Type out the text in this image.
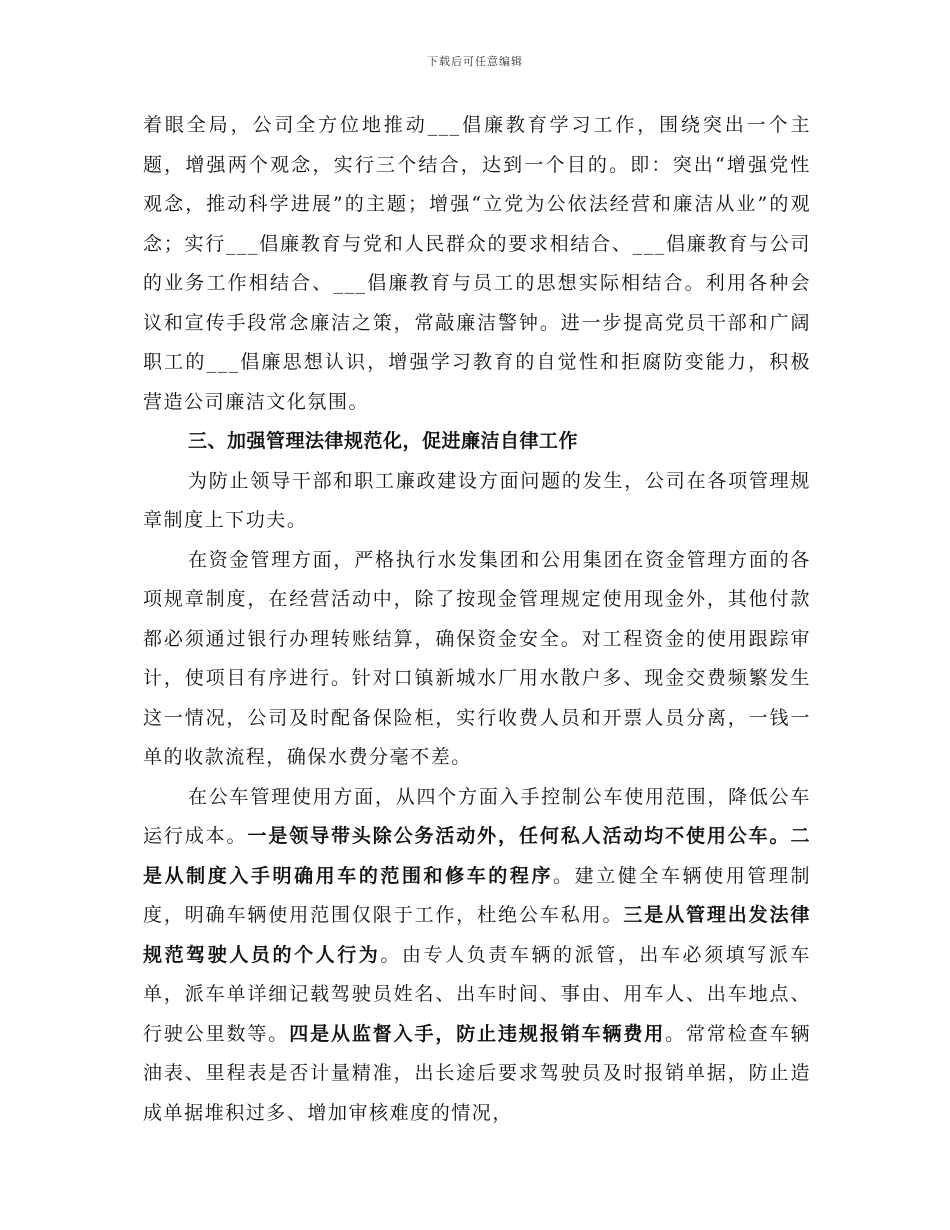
下载后可任意编辑

着眼全局，公司全方位地推动___倡廉教育学习工作，围绕突出一个主题，增强两个观念，实行三个结合，达到一个目的。即：突出“增强党性观念，推动科学进展”的主题；增强“立党为公依法经营和廉洁从业”的观念；实行___倡廉教育与党和人民群众的要求相结合、___倡廉教育与公司的业务工作相结合、___倡廉教育与员工的思想实际相结合。利用各种会议和宣传手段常念廉洁之策，常敲廉洁警钟。进一步提高党员干部和广阔职工的___倡廉思想认识，增强学习教育的自觉性和拒腐防变能力，积极营造公司廉洁文化氛围。

三、加强管理法律规范化，促进廉洁自律工作

为防止领导干部和职工廉政建设方面问题的发生，公司在各项管理规章制度上下功夫。

在资金管理方面，严格执行水发集团和公用集团在资金管理方面的各项规章制度，在经营活动中，除了按现金管理规定使用现金外，其他付款都必须通过银行办理转账结算，确保资金安全。对工程资金的使用跟踪审计，使项目有序进行。针对口镇新城水厂用水散户多、现金交费频繁发生这一情况，公司及时配备保险柜，实行收费人员和开票人员分离，一钱一单的收款流程，确保水费分毫不差。

在公车管理使用方面，从四个方面入手控制公车使用范围，降低公车运行成本。一是领导带头除公务活动外，任何私人活动均不使用公车。二是从制度入手明确用车的范围和修车的程序。建立健全车辆使用管理制度，明确车辆使用范围仅限于工作，杜绝公车私用。三是从管理出发法律规范驾驶人员的个人行为。由专人负责车辆的派管，出车必须填写派车单，派车单详细记载驾驶员姓名、出车时间、事由、用车人、出车地点、行驶公里数等。四是从监督入手，防止违规报销车辆费用。常常检查车辆油表、里程表是否计量精准，出长途后要求驾驶员及时报销单据，防止造成单据堆积过多、增加审核难度的情况，
